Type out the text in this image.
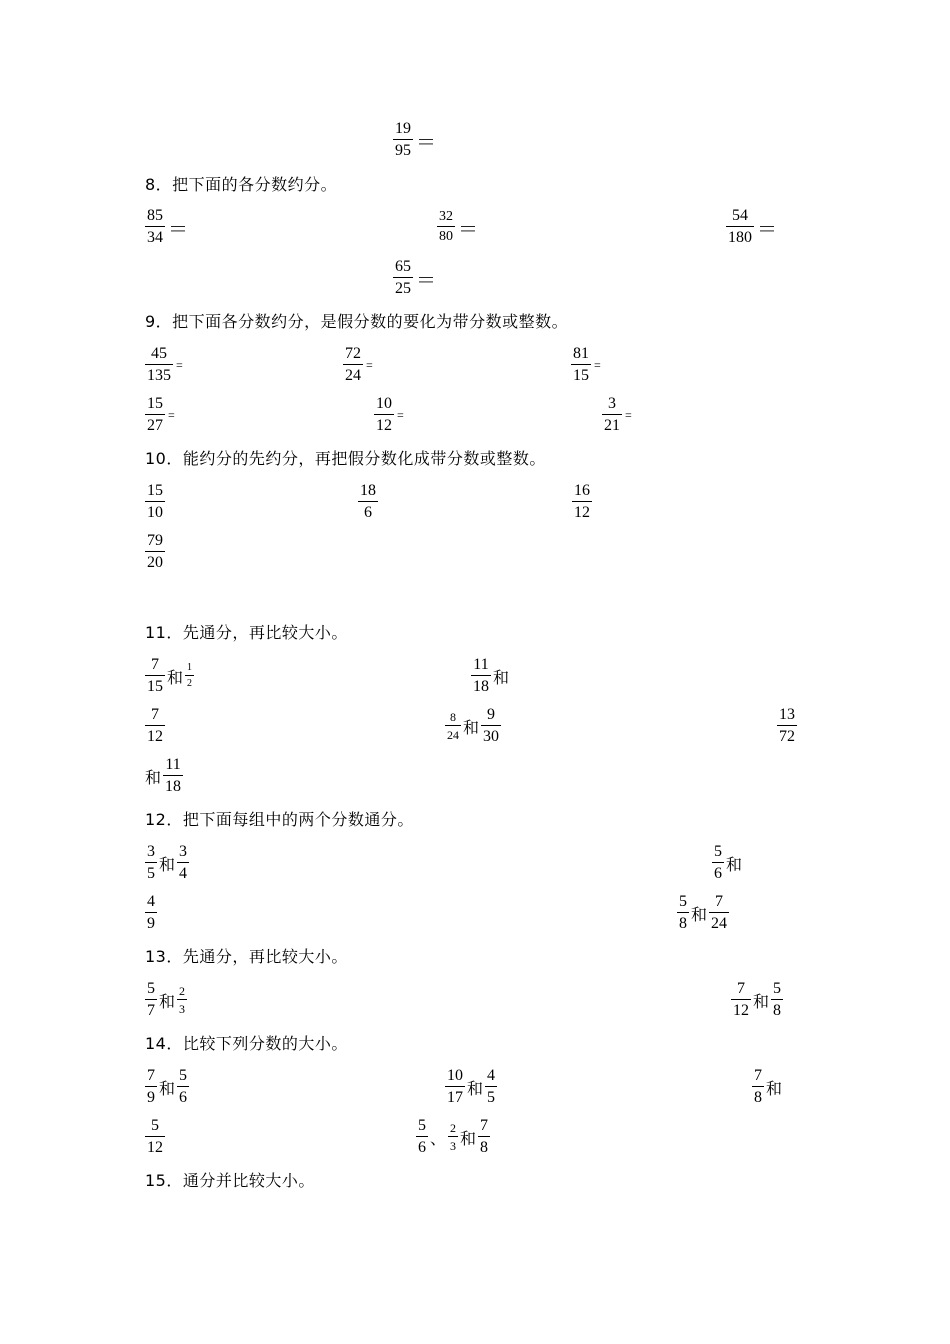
$\frac{19}{95}$ ＝
8．把下面的各分数约分。
$\frac{85}{34}$ ＝	$\frac{32}{80}$ ＝	$\frac{54}{180}$ ＝
$\frac{65}{25}$ ＝
9．把下面各分数约分，是假分数的要化为带分数或整数。
$\frac{45}{135}$ =	$\frac{72}{24}$ =	$\frac{81}{15}$ =
$\frac{15}{27}$ =	$\frac{10}{12}$ =	$\frac{3}{21}$ =
10．能约分的先约分，再把假分数化成带分数或整数。
$\frac{15}{10}$	$\frac{18}{6}$	$\frac{16}{12}$
$\frac{79}{20}$
11．先通分，再比较大小。
$\frac{7}{15}$ 和 $\frac{1}{2}$	$\frac{11}{18}$ 和
$\frac{7}{12}$	$\frac{8}{24}$ 和 $\frac{9}{30}$	$\frac{13}{72}$
和 $\frac{11}{18}$
12．把下面每组中的两个分数通分。
$\frac{3}{5}$ 和 $\frac{3}{4}$	$\frac{5}{6}$ 和
$\frac{4}{9}$	$\frac{5}{8}$ 和 $\frac{7}{24}$
13．先通分，再比较大小。
$\frac{5}{7}$ 和 $\frac{2}{3}$	$\frac{7}{12}$ 和 $\frac{5}{8}$
14．比较下列分数的大小。
$\frac{7}{9}$ 和 $\frac{5}{6}$	$\frac{10}{17}$ 和 $\frac{4}{5}$	$\frac{7}{8}$ 和
$\frac{5}{12}$	$\frac{5}{6}$ 、 $\frac{2}{3}$ 和 $\frac{7}{8}$
15．通分并比较大小。
